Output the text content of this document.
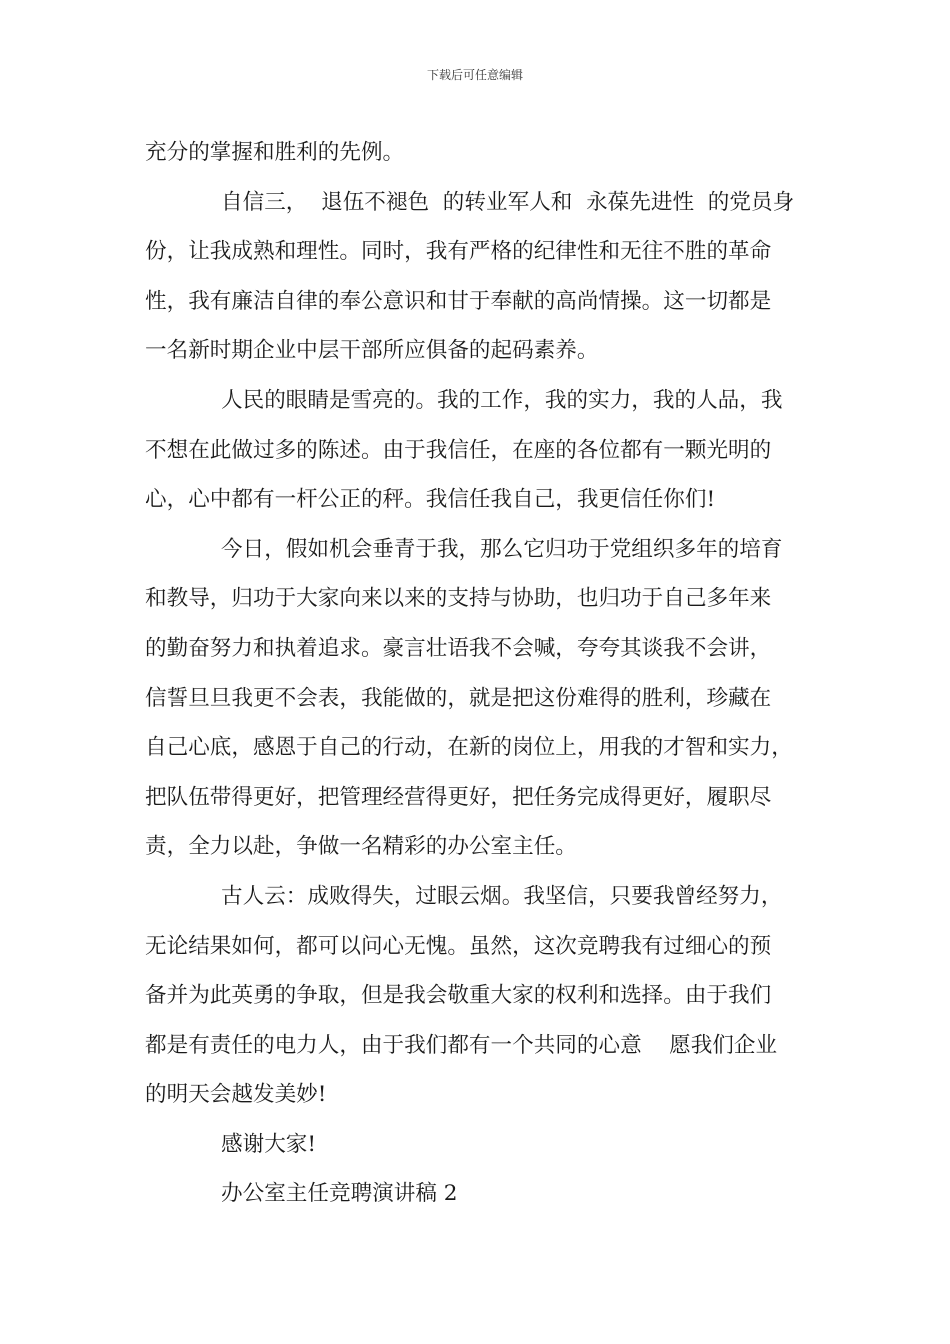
下载后可任意编辑
充分的掌握和胜利的先例。
自信三，  退伍不褪色  的转业军人和  永葆先进性  的党员身
份，让我成熟和理性。同时，我有严格的纪律性和无往不胜的革命
性，我有廉洁自律的奉公意识和甘于奉献的高尚情操。这一切都是
一名新时期企业中层干部所应俱备的起码素养。
人民的眼睛是雪亮的。我的工作，我的实力，我的人品，我
不想在此做过多的陈述。由于我信任，在座的各位都有一颗光明的
心，心中都有一杆公正的秤。我信任我自己，我更信任你们!
今日，假如机会垂青于我，那么它归功于党组织多年的培育
和教导，归功于大家向来以来的支持与协助，也归功于自己多年来
的勤奋努力和执着追求。豪言壮语我不会喊，夸夸其谈我不会讲，
信誓旦旦我更不会表，我能做的，就是把这份难得的胜利，珍藏在
自己心底，感恩于自己的行动，在新的岗位上，用我的才智和实力，
把队伍带得更好，把管理经营得更好，把任务完成得更好，履职尽
责，全力以赴，争做一名精彩的办公室主任。
古人云：成败得失，过眼云烟。我坚信，只要我曾经努力，
无论结果如何，都可以问心无愧。虽然，这次竞聘我有过细心的预
备并为此英勇的争取，但是我会敬重大家的权利和选择。由于我们
都是有责任的电力人，由于我们都有一个共同的心意    愿我们企业
的明天会越发美妙!
感谢大家!
办公室主任竞聘演讲稿 2
